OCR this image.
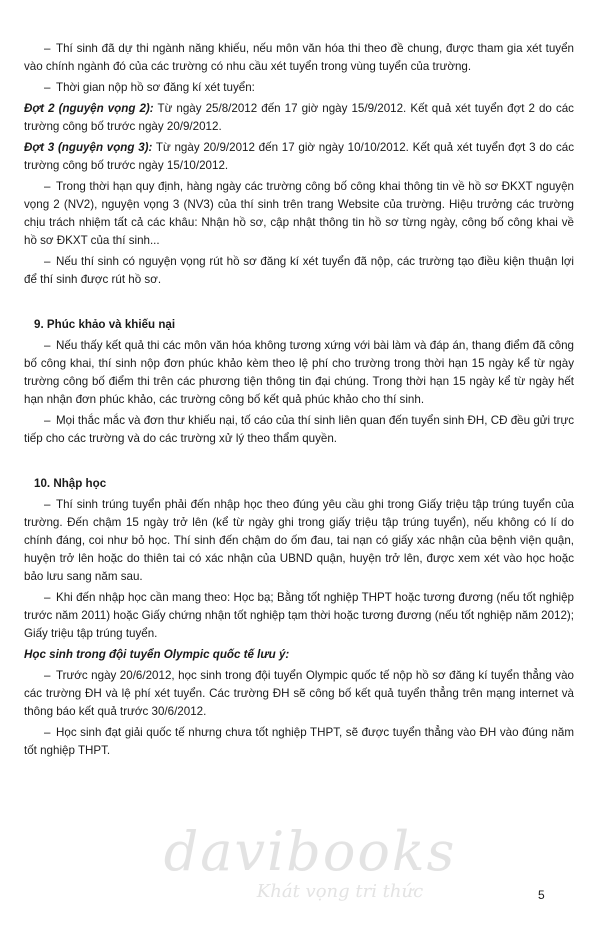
– Thí sinh đã dự thi ngành năng khiếu, nếu môn văn hóa thi theo đề chung, được tham gia xét tuyển vào chính ngành đó của các trường có nhu cầu xét tuyển trong vùng tuyển của trường.

– Thời gian nộp hồ sơ đăng kí xét tuyển:

Đợt 2 (nguyện vọng 2): Từ ngày 25/8/2012 đến 17 giờ ngày 15/9/2012. Kết quả xét tuyển đợt 2 do các trường công bố trước ngày 20/9/2012.

Đợt 3 (nguyện vọng 3): Từ ngày 20/9/2012 đến 17 giờ ngày 10/10/2012. Kết quả xét tuyển đợt 3 do các trường công bố trước ngày 15/10/2012.

– Trong thời hạn quy định, hàng ngày các trường công bố công khai thông tin về hồ sơ ĐKXT nguyện vọng 2 (NV2), nguyện vọng 3 (NV3) của thí sinh trên trang Website của trường. Hiệu trưởng các trường chịu trách nhiệm tất cả các khâu: Nhận hồ sơ, cập nhật thông tin hồ sơ từng ngày, công bố công khai về hồ sơ ĐKXT của thí sinh...

– Nếu thí sinh có nguyện vọng rút hồ sơ đăng kí xét tuyển đã nộp, các trường tạo điều kiện thuận lợi để thí sinh được rút hồ sơ.

9. Phúc khảo và khiếu nại

– Nếu thấy kết quả thi các môn văn hóa không tương xứng với bài làm và đáp án, thang điểm đã công bố công khai, thí sinh nộp đơn phúc khảo kèm theo lệ phí cho trường trong thời hạn 15 ngày kể từ ngày trường công bố điểm thi trên các phương tiện thông tin đại chúng. Trong thời hạn 15 ngày kể từ ngày hết hạn nhận đơn phúc khảo, các trường công bố kết quả phúc khảo cho thí sinh.

– Mọi thắc mắc và đơn thư khiếu nại, tố cáo của thí sinh liên quan đến tuyển sinh ĐH, CĐ đều gửi trực tiếp cho các trường và do các trường xử lý theo thẩm quyền.

10. Nhập học

– Thí sinh trúng tuyển phải đến nhập học theo đúng yêu cầu ghi trong Giấy triệu tập trúng tuyển của trường. Đến chậm 15 ngày trở lên (kể từ ngày ghi trong giấy triệu tập trúng tuyển), nếu không có lí do chính đáng, coi như bỏ học. Thí sinh đến chậm do ốm đau, tai nạn có giấy xác nhận của bệnh viện quận, huyện trở lên hoặc do thiên tai có xác nhận của UBND quận, huyện trở lên, được xem xét vào học hoặc bảo lưu sang năm sau.

– Khi đến nhập học cần mang theo: Học bạ; Bằng tốt nghiệp THPT hoặc tương đương (nếu tốt nghiệp trước năm 2011) hoặc Giấy chứng nhận tốt nghiệp tạm thời hoặc tương đương (nếu tốt nghiệp năm 2012); Giấy triệu tập trúng tuyển.

Học sinh trong đội tuyển Olympic quốc tế lưu ý:

– Trước ngày 20/6/2012, học sinh trong đội tuyển Olympic quốc tế nộp hồ sơ đăng kí tuyển thẳng vào các trường ĐH và lệ phí xét tuyển. Các trường ĐH sẽ công bố kết quả tuyển thẳng trên mạng internet và thông báo kết quả trước 30/6/2012.

– Học sinh đạt giải quốc tế nhưng chưa tốt nghiệp THPT, sẽ được tuyển thẳng vào ĐH vào đúng năm tốt nghiệp THPT.

davibooks
Khát vọng tri thức	5
